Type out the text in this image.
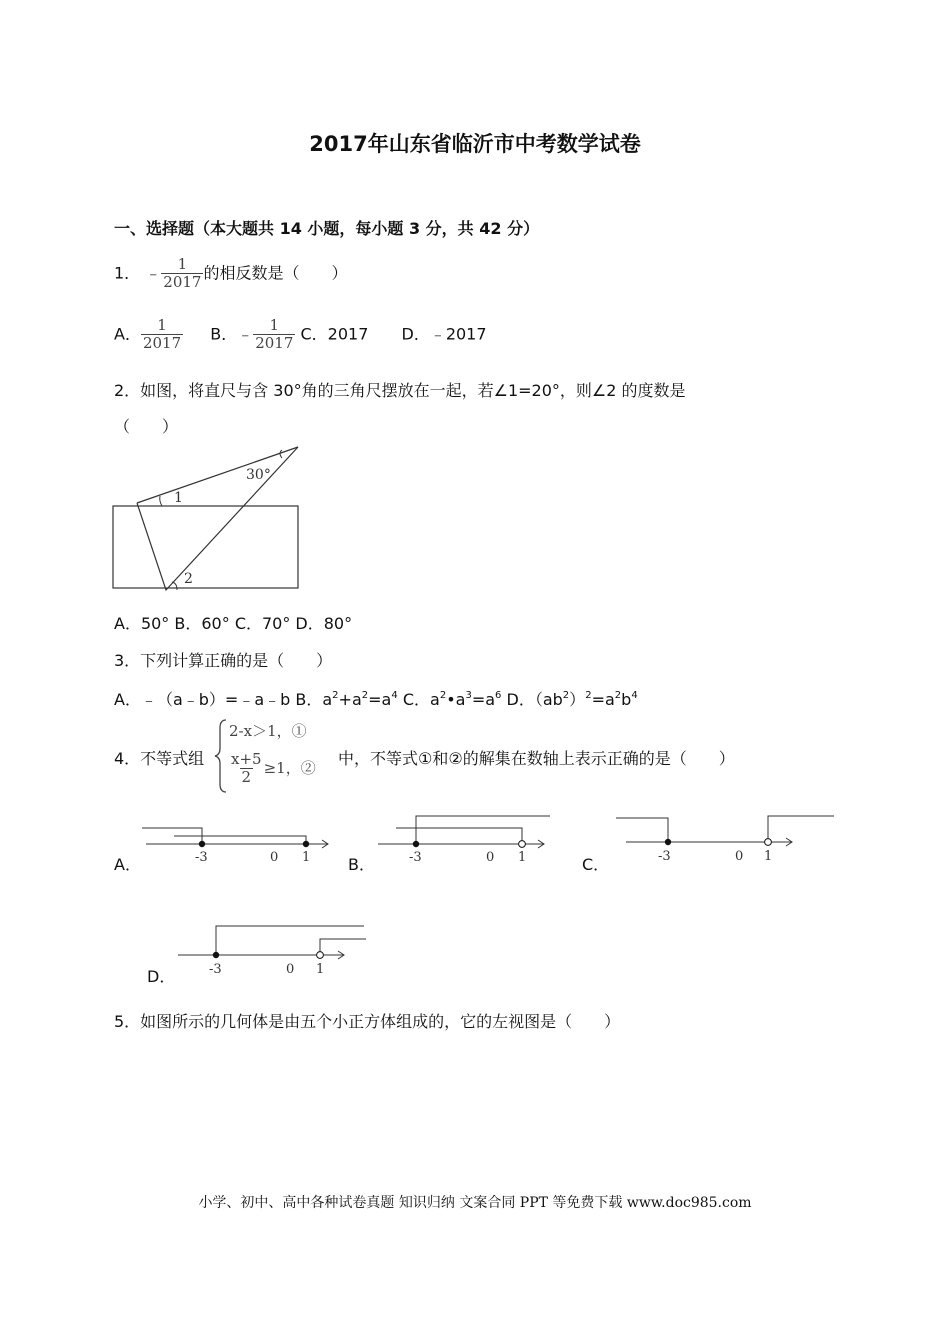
2017年山东省临沂市中考数学试卷
一、选择题（本大题共 14 小题，每小题 3 分，共 42 分）
1． ﹣ $\frac{1}{2017}$ 的相反数是（　　）
A． $\frac{1}{2017}$ B．﹣ $\frac{1}{2017}$ C．2017 D．﹣2017
2．如图，将直尺与含 30°角的三角尺摆放在一起，若∠1=20°，则∠2 的度数是
（　　）
30°
1
2
A．50° B．60° C．70° D．80°
3．下列计算正确的是（　　）
A．﹣（a﹣b）=﹣a﹣b B．$a^2+a^2=a^4$ C．$a^2•a^3=a^6$ D．$(ab^2)^2=a^2b^4$
4．不等式组
2-x＞1，①
$\frac{x+5}{2} \ge 1$，② 中，不等式①和②的解集在数轴上表示正确的是（　　）
A．	-3	0 1 B．	-3	0 1	C．	-3	0 1
D．	-3	0 1
5．如图所示的几何体是由五个小正方体组成的，它的左视图是（　　）
小学、初中、高中各种试卷真题 知识归纳 文案合同 PPT 等免费下载 www.doc985.com
